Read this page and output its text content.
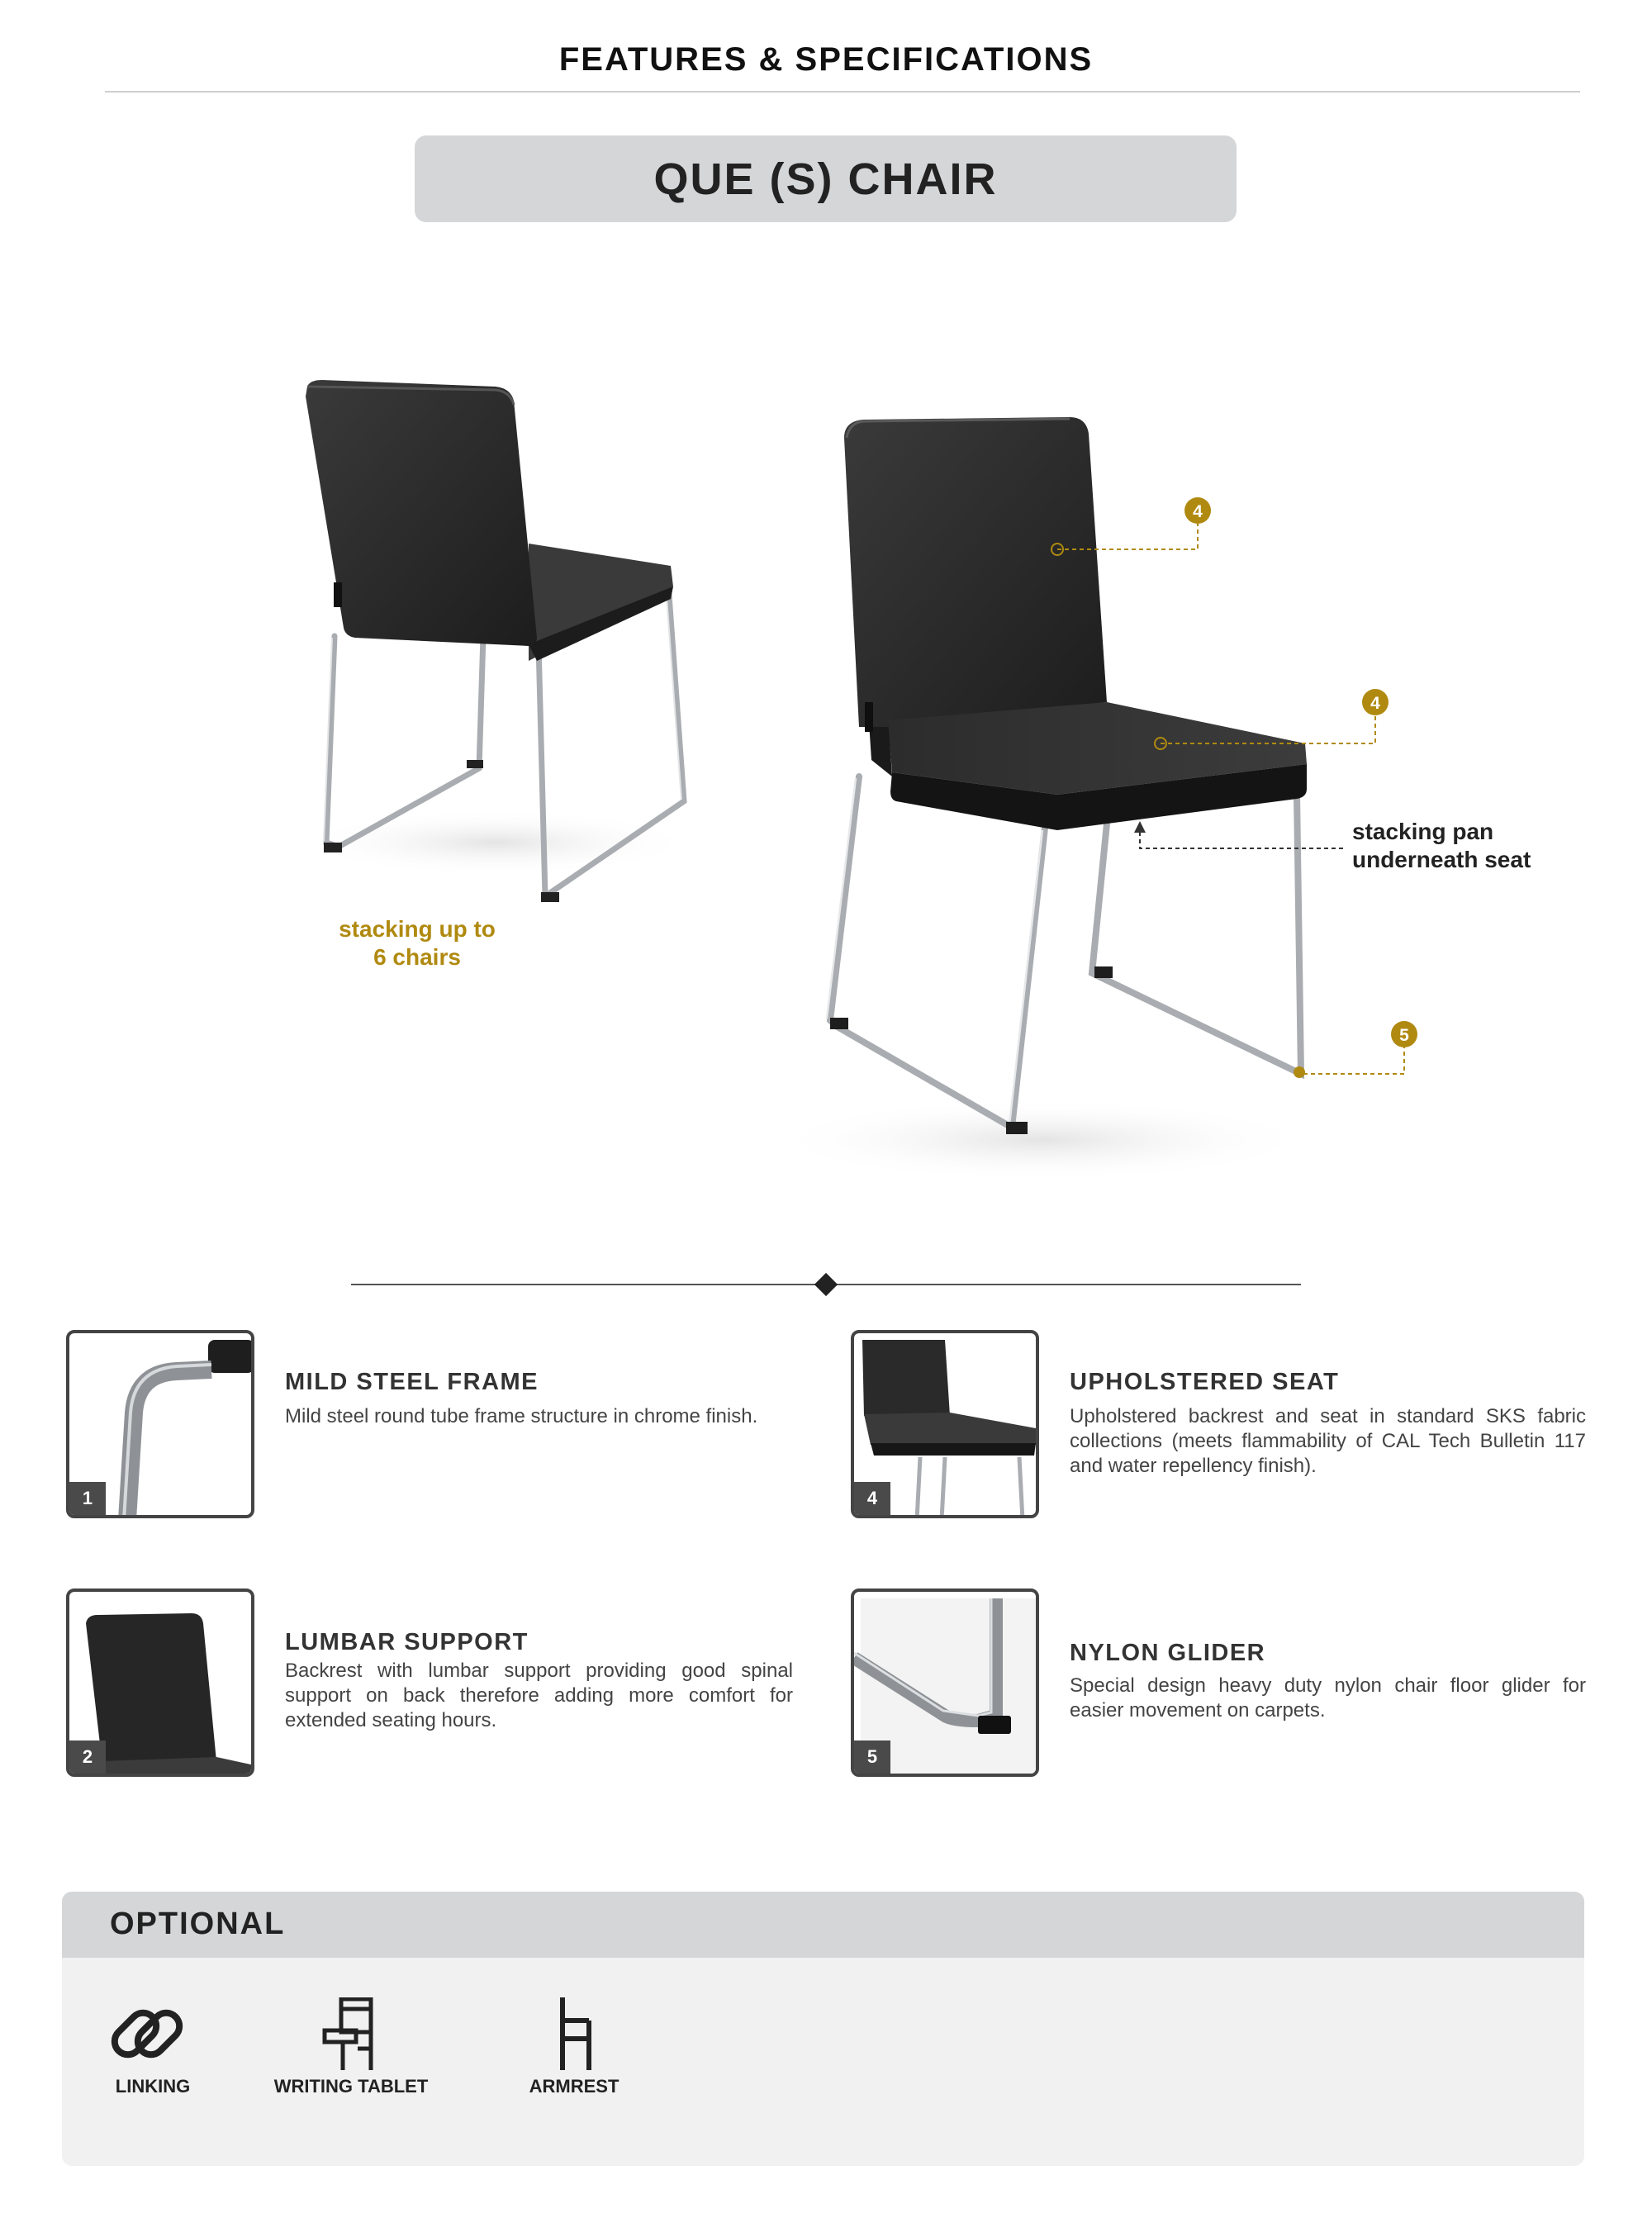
FEATURES & SPECIFICATIONS
QUE (S) CHAIR
4
4
5
stacking up to
6 chairs
stacking pan
underneath seat
1
MILD STEEL FRAME
Mild steel round tube frame structure in chrome finish.
4
UPHOLSTERED SEAT
Upholstered backrest and seat in standard SKS fabric collections (meets flammability of CAL Tech Bulletin 117 and water repellency finish).
2
LUMBAR SUPPORT
Backrest with lumbar support providing good spinal support on back therefore adding more comfort for extended seating hours.
5
NYLON GLIDER
Special design heavy duty nylon chair floor glider for easier movement on carpets.
OPTIONAL
LINKING	WRITING TABLET	ARMREST
